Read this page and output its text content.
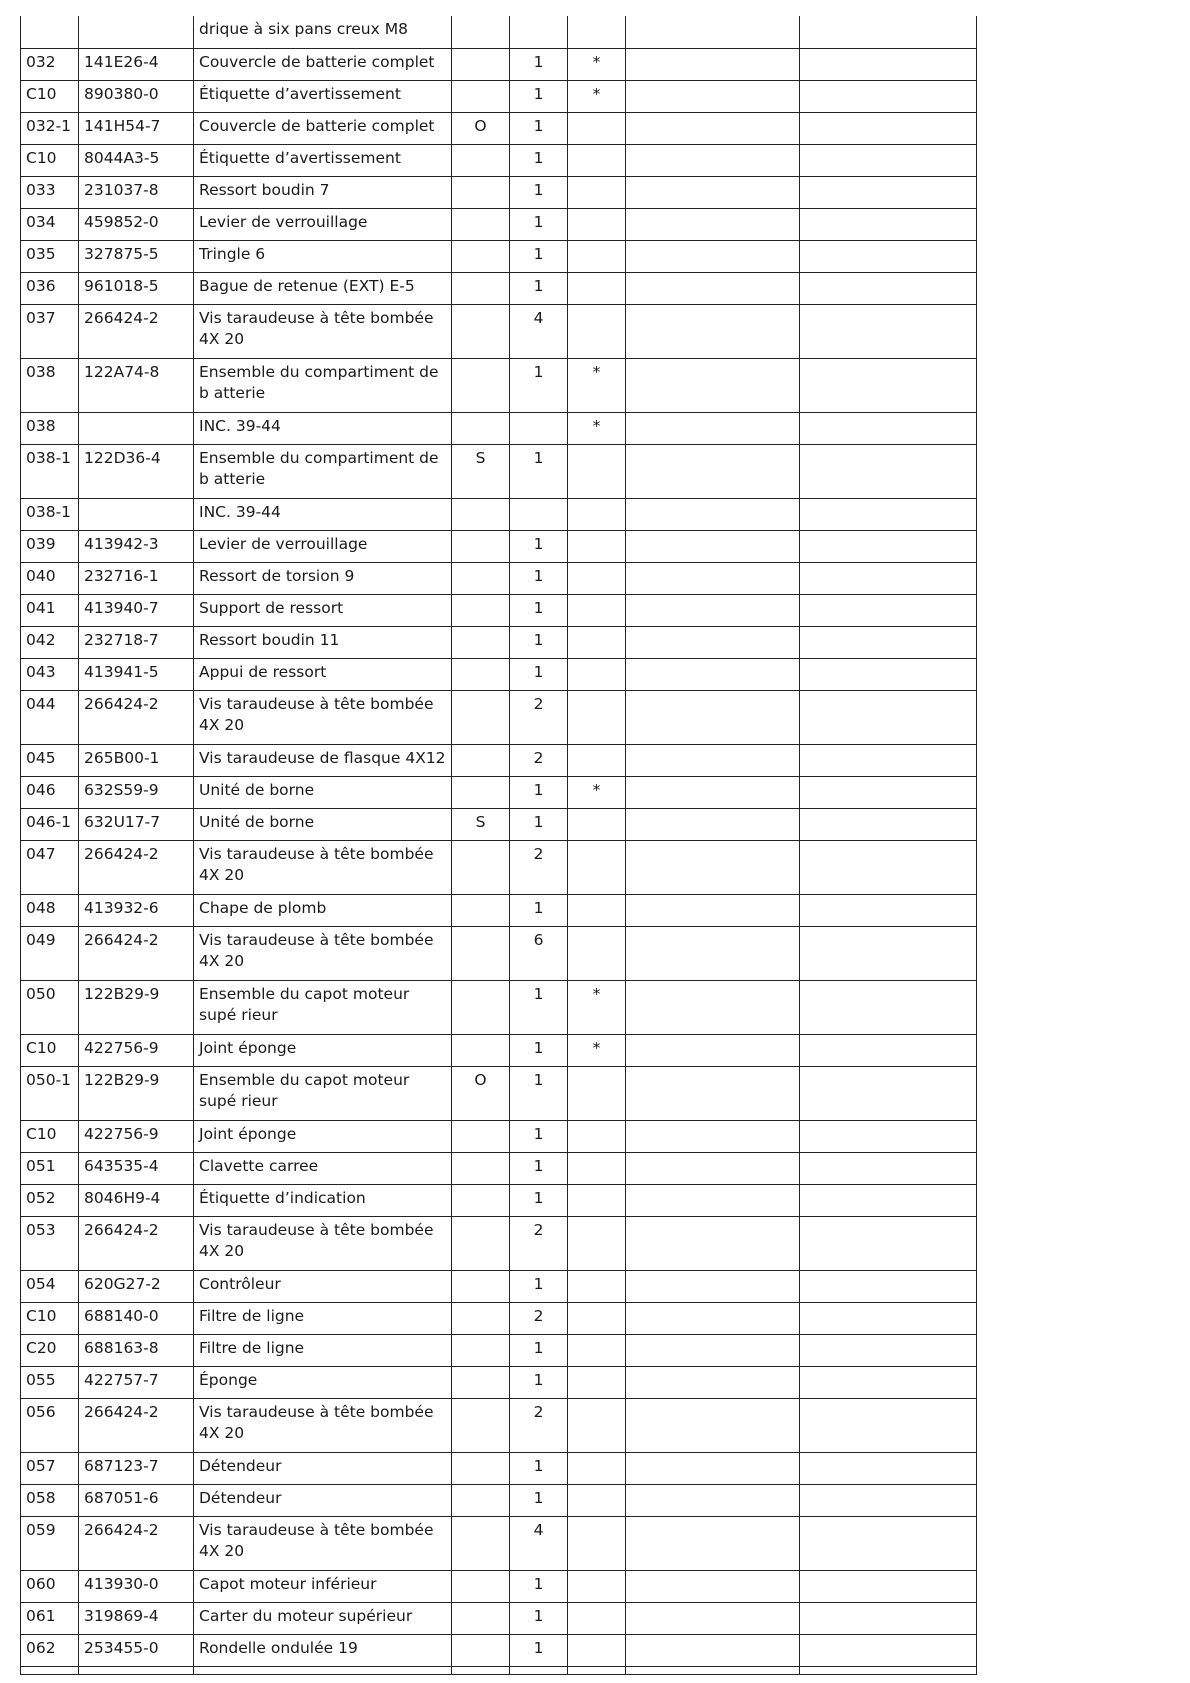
		drique à six pans creux M8					
032	141E26-4	Couvercle de batterie complet		1	*		
C10	890380-0	Étiquette d’avertissement		1	*		
032-1	141H54-7	Couvercle de batterie complet	O	1			
C10	8044A3-5	Étiquette d’avertissement		1			
033	231037-8	Ressort boudin 7		1			
034	459852-0	Levier de verrouillage		1			
035	327875-5	Tringle 6		1			
036	961018-5	Bague de retenue (EXT) E-5		1			
037	266424-2	Vis taraudeuse à tête bombée 4X 20		4			
038	122A74-8	Ensemble du compartiment de b atterie		1	*		
038		INC. 39-44			*		
038-1	122D36-4	Ensemble du compartiment de b atterie	S	1			
038-1		INC. 39-44					
039	413942-3	Levier de verrouillage		1			
040	232716-1	Ressort de torsion 9		1			
041	413940-7	Support de ressort		1			
042	232718-7	Ressort boudin 11		1			
043	413941-5	Appui de ressort		1			
044	266424-2	Vis taraudeuse à tête bombée 4X 20		2			
045	265B00-1	Vis taraudeuse de flasque 4X12		2			
046	632S59-9	Unité de borne		1	*		
046-1	632U17-7	Unité de borne	S	1			
047	266424-2	Vis taraudeuse à tête bombée 4X 20		2			
048	413932-6	Chape de plomb		1			
049	266424-2	Vis taraudeuse à tête bombée 4X 20		6			
050	122B29-9	Ensemble du capot moteur supé rieur		1	*		
C10	422756-9	Joint éponge		1	*		
050-1	122B29-9	Ensemble du capot moteur supé rieur	O	1			
C10	422756-9	Joint éponge		1			
051	643535-4	Clavette carree		1			
052	8046H9-4	Étiquette d’indication		1			
053	266424-2	Vis taraudeuse à tête bombée 4X 20		2			
054	620G27-2	Contrôleur		1			
C10	688140-0	Filtre de ligne		2			
C20	688163-8	Filtre de ligne		1			
055	422757-7	Éponge		1			
056	266424-2	Vis taraudeuse à tête bombée 4X 20		2			
057	687123-7	Détendeur		1			
058	687051-6	Détendeur		1			
059	266424-2	Vis taraudeuse à tête bombée 4X 20		4			
060	413930-0	Capot moteur inférieur		1			
061	319869-4	Carter du moteur supérieur		1			
062	253455-0	Rondelle ondulée 19		1			
